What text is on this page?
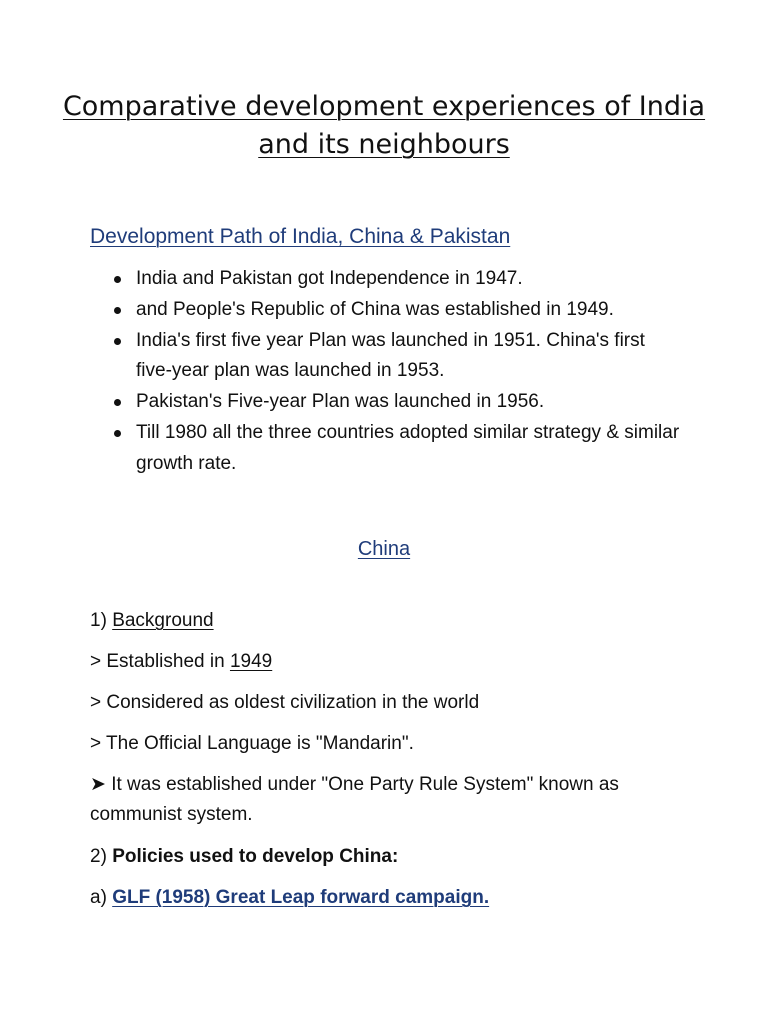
Comparative development experiences of India and its neighbours
Development Path of India, China & Pakistan
India and Pakistan got Independence in 1947.
and People's Republic of China was established in 1949.
India's first five year Plan was launched in 1951. China's first five-year plan was launched in 1953.
Pakistan's Five-year Plan was launched in 1956.
Till 1980 all the three countries adopted similar strategy & similar growth rate.
China

1) Background

> Established in 1949

> Considered as oldest civilization in the world

> The Official Language is "Mandarin".

➤ It was established under "One Party Rule System" known as communist system.

2) Policies used to develop China:

a) GLF (1958) Great Leap forward campaign.
